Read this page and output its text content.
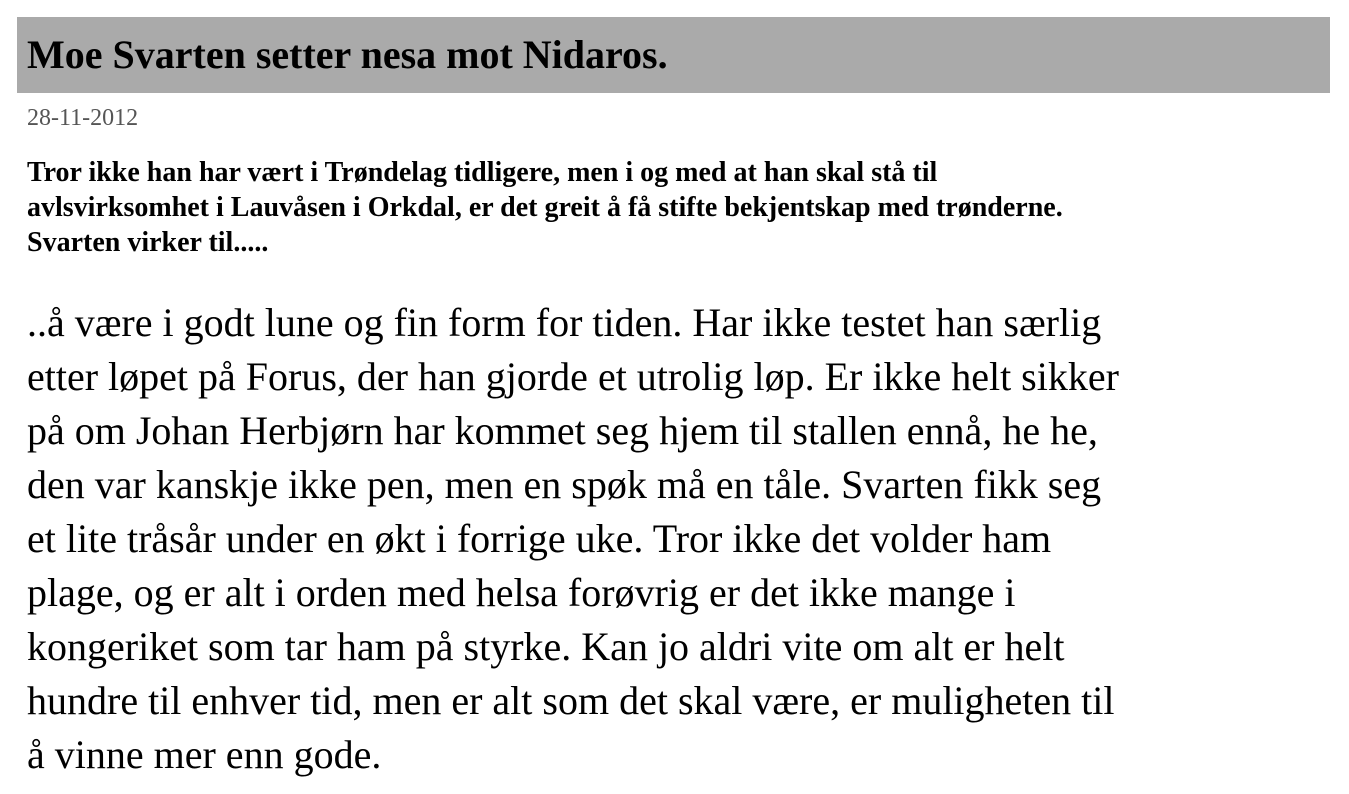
Moe Svarten setter nesa mot Nidaros.
28-11-2012

Tror ikke han har vært i Trøndelag tidligere, men i og med at han skal stå til
avlsvirksomhet i Lauvåsen i Orkdal, er det greit å få stifte bekjentskap med trønderne.
Svarten virker til.....

..å være i godt lune og fin form for tiden. Har ikke testet han særlig
etter løpet på Forus, der han gjorde et utrolig løp. Er ikke helt sikker
på om Johan Herbjørn har kommet seg hjem til stallen ennå, he he,
den var kanskje ikke pen, men en spøk må en tåle. Svarten fikk seg
et lite tråsår under en økt i forrige uke. Tror ikke det volder ham
plage, og er alt i orden med helsa forøvrig er det ikke mange i
kongeriket som tar ham på styrke. Kan jo aldri vite om alt er helt
hundre til enhver tid, men er alt som det skal være, er muligheten til
å vinne mer enn gode.
